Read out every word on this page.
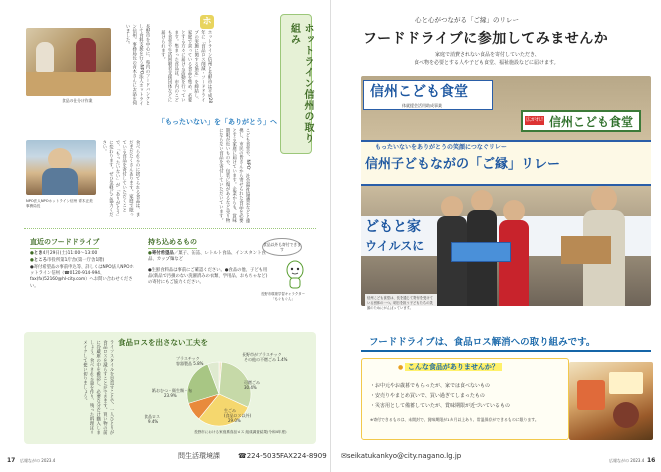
食品の仕分け作業	長野市を中心に、県内のフードバンクとして食料支援を行うNPO法人ホットライン信州。事務局長の青木さんにお話を伺いました。
ホ
ホットライン信州と長野市は平成28年に「食品ロス削減・フードドライブの実施に関する協定」を締結し、家庭で余っている食品を集め、必要とする方々に届ける活動を行っています。集まった食品は、市内のこども食堂や生活困窮者支援団体などに届けられます。
こども食堂や、NPO、社会福祉協議会などと連携し、市民の皆さんから寄せられた食品を必要とする家庭に届けています。企業からも、賞味期限が近いものや、包装に傷があるなど売り物にならない食品を寄付していただいています。
ホットライン信州の取り組み
「もったいない」を「ありがとう」へ
NPO法人NPOホットライン信州 青木正美 事務局長	食べられるのに捨てられる食品は、まだまだたくさんあります。家庭で眠っている食品を寄付していただくことで、「もったいない」が「ありがとう」に変わります。ぜひ気軽にご協力ください。
直近のフードドライブ
●とき4月29日(土)11:00〜13:00
●ところ市役所第1庁舎(第一庁舎1階)
●寄付希望品の事前申込等、詳しくはNPO法人NPOホットライン信州（☎0120-914-994、fax(fx)52160@hl-city.com）へお問い合わせください。
持ち込めるもの
●寄付希望品／菓子、缶詰、レトルト食品、インスタント食品、カップ麺など
●生鮮食料品は事前にご確認ください。●食品の他、子ども用品(新品で汚損のない洗濯済みの衣類、学用品、おもちゃなど)の寄付にもご協力ください。
食品以外も寄付できます
長野市環境学習キャラクター「もぐもぐん」
食品ロスを出さない工夫を
ライフスタイルを見直すことで、一人ひとりが食品ロスを減らすことができます。買い物の前に冷蔵庫の中を確認し、必要な分だけ購入しましょう。食べきれる量を作り、残った料理はリメイクして使い切りましょう。	長野市がプラスチック
その他の不燃ごみ 1.4%
プラスチック
容器製品 5.8%
可燃ごみ
30.4%
紙おむつ・衛生類・布
23.9%
生ごみ
(食品ロス以外)
29.0%
食品ロス
9.4%
長野市における家庭系食品ロス 組成調査結果(令和4年度)
17 広報ながの 2023.4
問生活環境課	☎224-5035 FAX224-8909
心と心がつながる「ご縁」のリレー
フードドライブに参加してみませんか
家庭で消費されない食品を寄付していただき、
食べ物を必要とする人や子ども食堂、福祉施設などに届けます。
信州こども食堂
体就援会活用助成事業
広がれ! 信州こども食堂
もったいないをありがとうの笑顔につなぐリレー
信州子どもながの「ご縁」リレー
どもと家
ウイルスに
信州こども食堂は、長を通じて寄付を受けている団体の一つ。明日を担う子どもたちの笑顔のためにがんばっています。
フードドライブは、食品ロス解消への取り組みです。
● こんな食品がありませんか？
・お中元やお歳暮でもらったが、家では食べないもの
・安売りやまとめ買いで、買い過ぎてしまったもの
・災害用として備蓄していたが、賞味期限が近づいているもの
※寄付できるものは、未開封で、賞味期限が1カ月以上あり、常温保存ができるものに限ります。
✉seikatukankyo@city.nagano.lg.jp
広報ながの 2023.4 16
